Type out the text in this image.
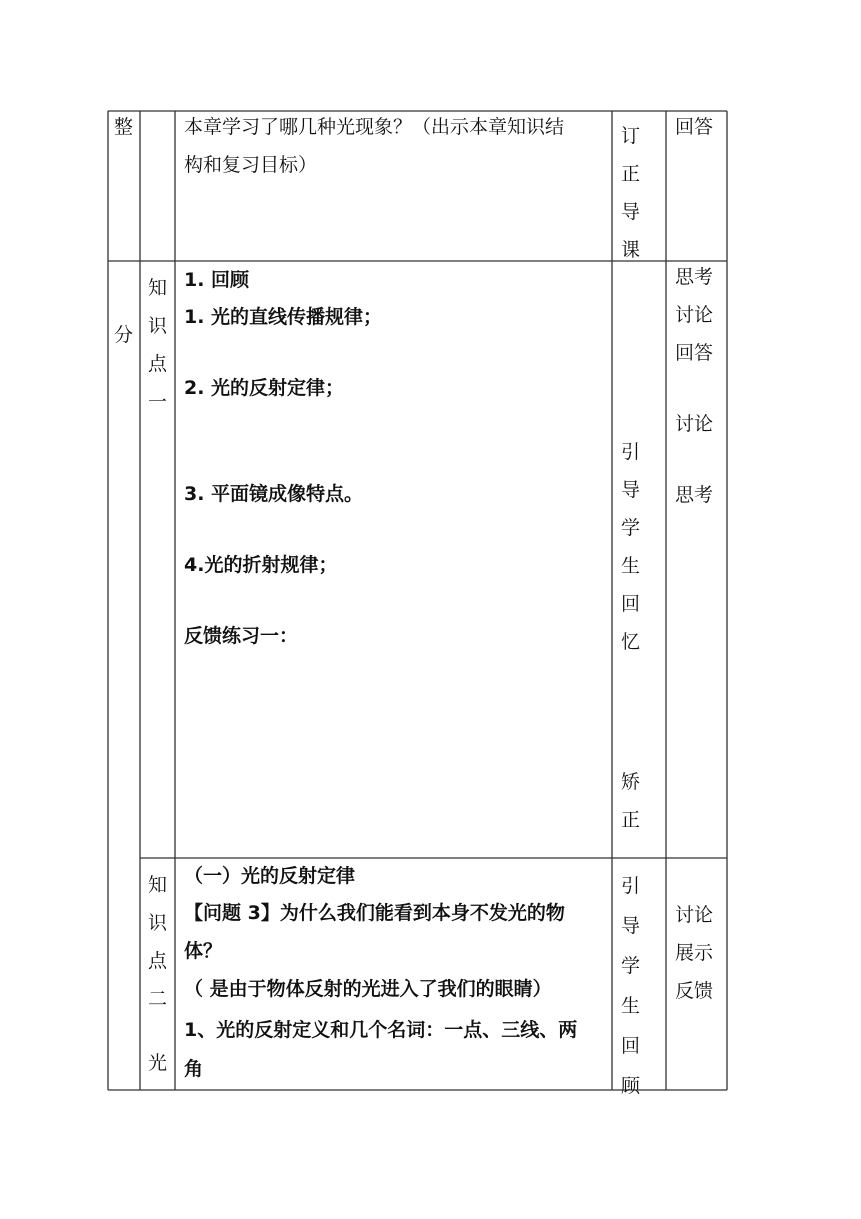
整	本章学习了哪几种光现象？（出示本章知识结
构和复习目标）
订
正
导
课
回答
分
知
识
点
一
1. 回顾
1. 光的直线传播规律；
2. 光的反射定律；
3. 平面镜成像特点。
4.光的折射规律；
反馈练习一：
引
导
学
生
回
忆
矫
正
思考
讨论
回答
讨论
思考
知
识
点
二
光
（一）光的反射定律
【问题 3】为什么我们能看到本身不发光的物
体？
（ 是由于物体反射的光进入了我们的眼睛）
1、光的反射定义和几个名词：一点、三线、两
角
引
导
学
生
回
顾
讨论
展示
反馈
